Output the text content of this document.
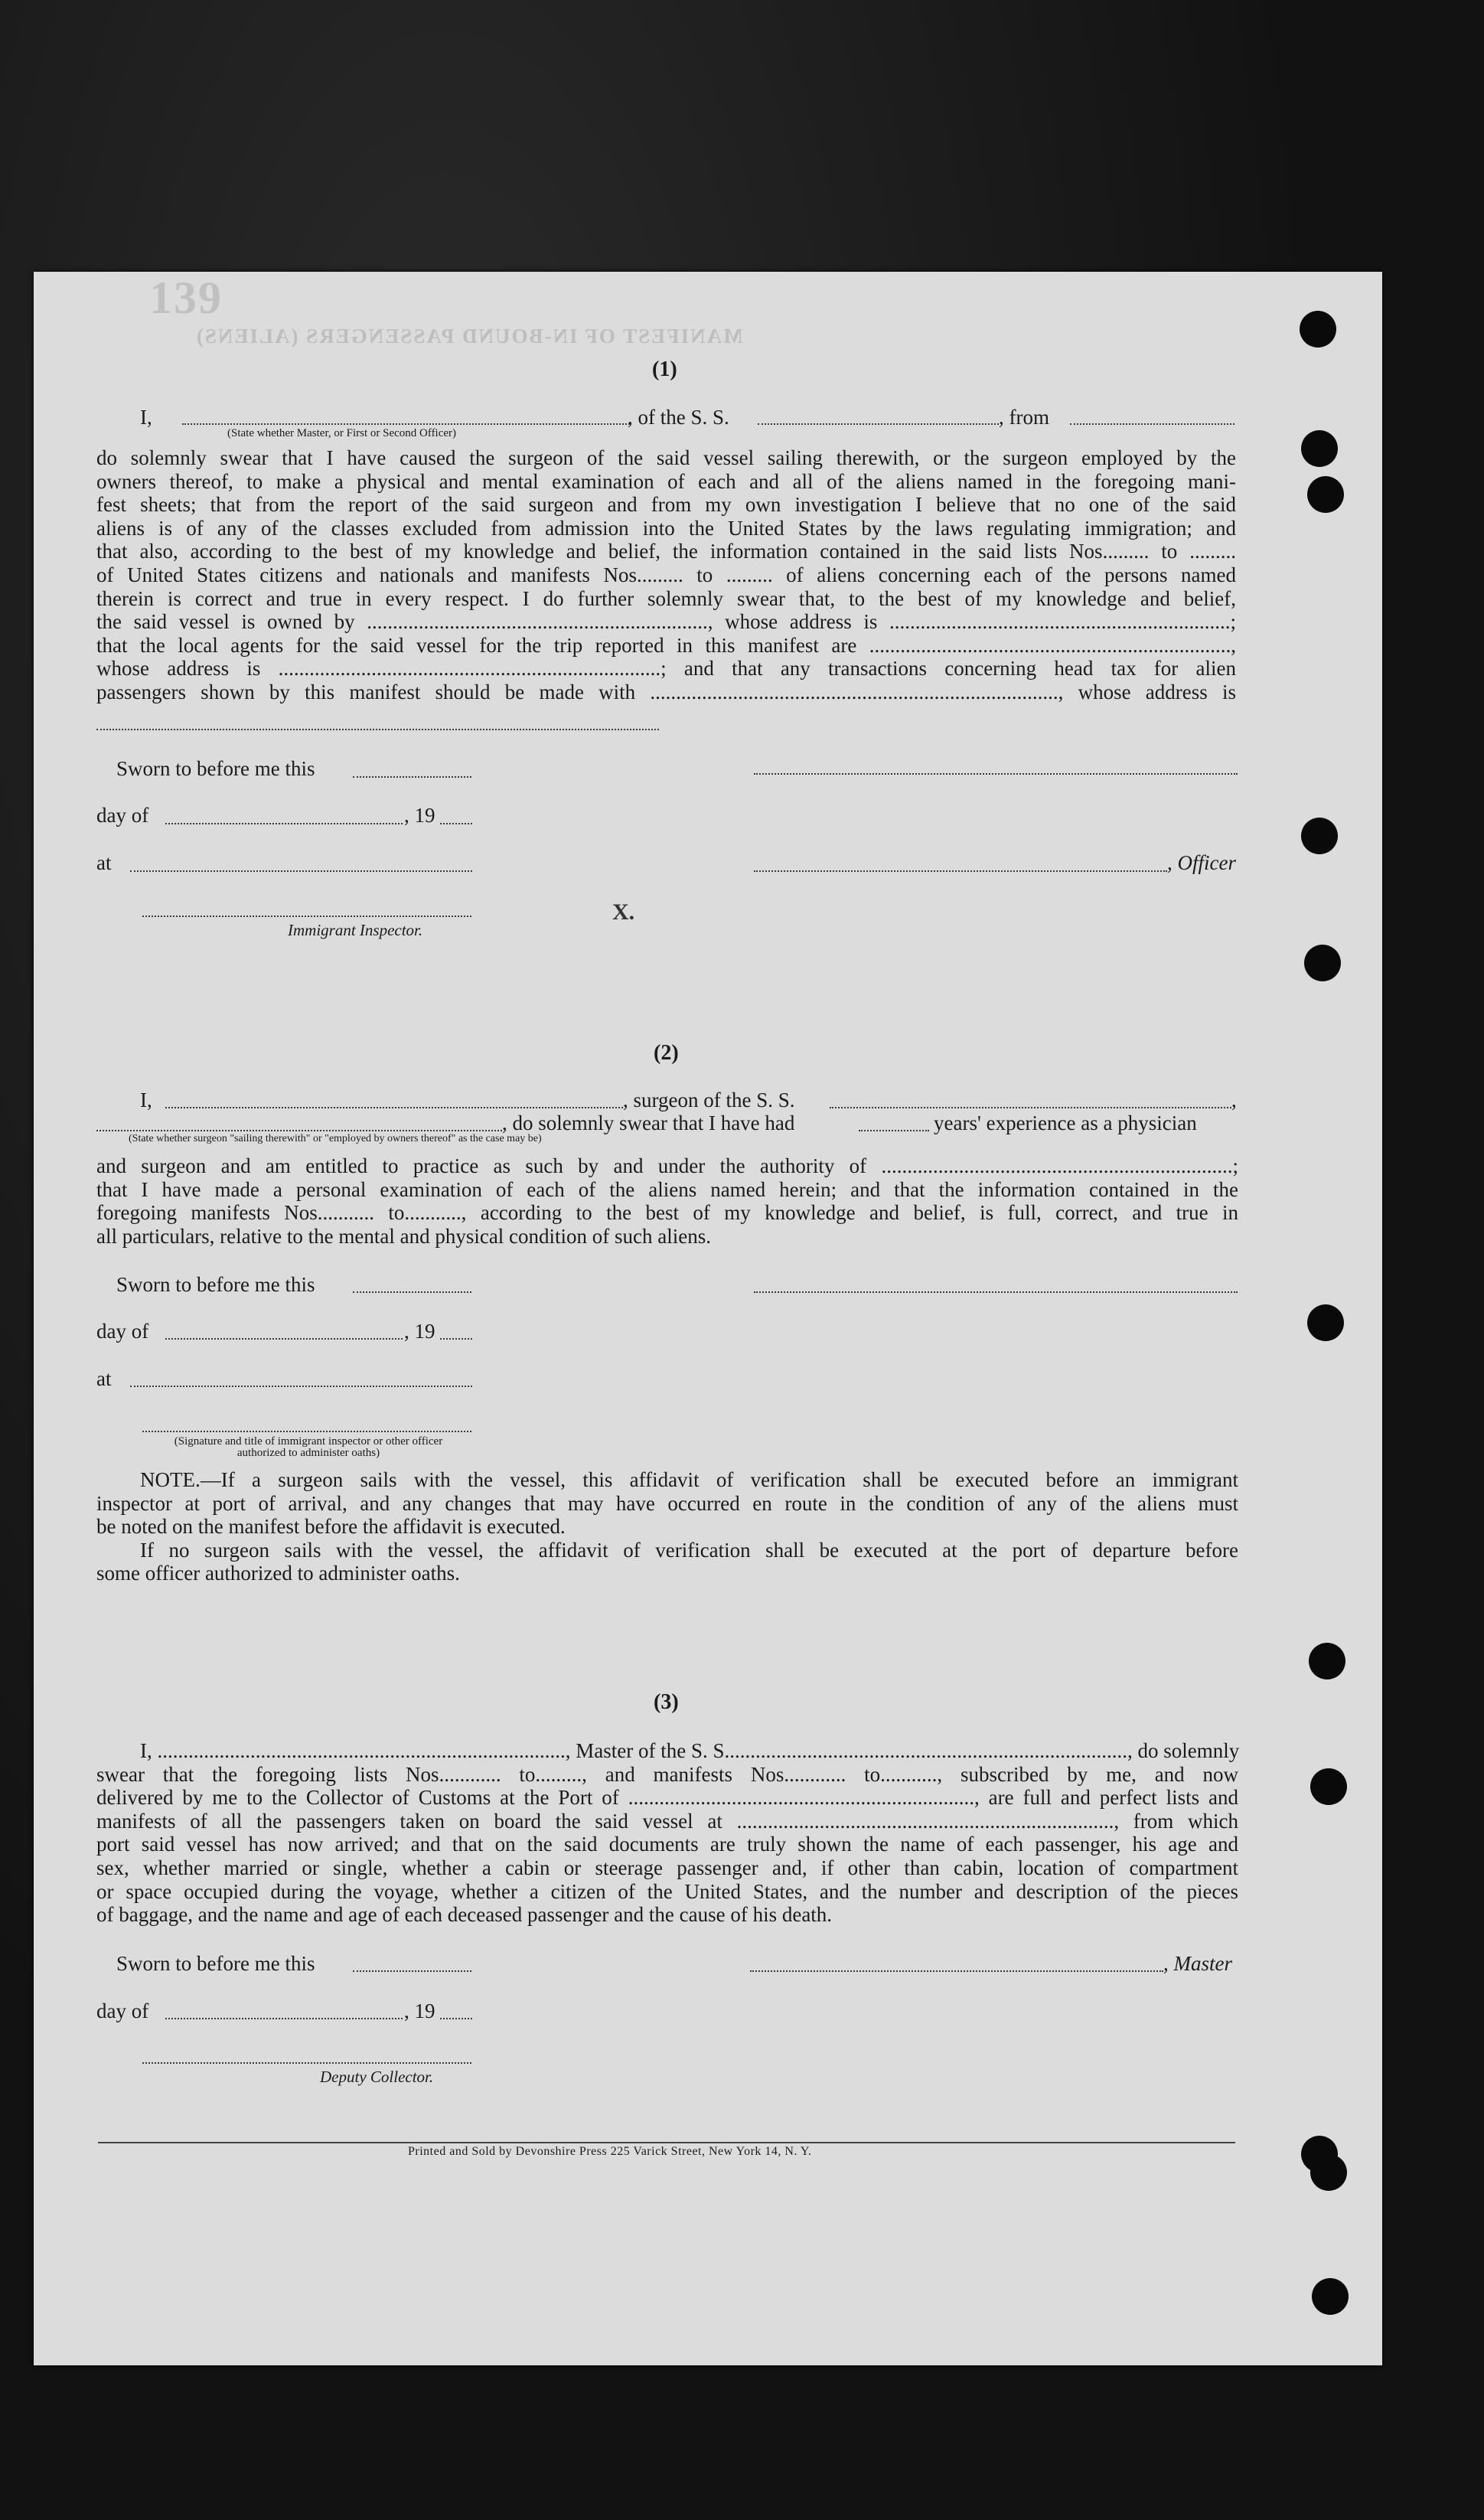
139
MANIFEST OF IN-BOUND PASSENGERS (ALIENS)
(1)
I,	, of the S. S.	, from
(State whether Master, or First or Second Officer)
do solemnly swear that I have caused the surgeon of the said vessel sailing therewith, or the surgeon employed by the
owners thereof, to make a physical and mental examination of each and all of the aliens named in the foregoing mani-
fest sheets; that from the report of the said surgeon and from my own investigation I believe that no one of the said
aliens is of any of the classes excluded from admission into the United States by the laws regulating immigration; and
that also, according to the best of my knowledge and belief, the information contained in the said lists Nos......... to .........
of United States citizens and nationals and manifests Nos......... to ......... of aliens concerning each of the persons named
therein is correct and true in every respect. I do further solemnly swear that, to the best of my knowledge and belief,
the said vessel is owned by .................................................................., whose address is ..................................................................;
that the local agents for the said vessel for the trip reported in this manifest are ......................................................................,
whose address is ..........................................................................; and that any transactions concerning head tax for alien
passengers shown by this manifest should be made with ..............................................................................., whose address is
Sworn to before me this
day of	, 19
at	, Officer
Immigrant Inspector.
X.
(2)
I,	, surgeon of the S. S.	,
, do solemnly swear that I have had	years' experience as a physician
(State whether surgeon "sailing therewith" or "employed by owners thereof" as the case may be)
and surgeon and am entitled to practice as such by and under the authority of ....................................................................;
that I have made a personal examination of each of the aliens named herein; and that the information contained in the
foregoing manifests Nos........... to..........., according to the best of my knowledge and belief, is full, correct, and true in
all particulars, relative to the mental and physical condition of such aliens.
Sworn to before me this
day of	, 19
at
(Signature and title of immigrant inspector or other officer authorized to administer oaths)
NOTE.—If a surgeon sails with the vessel, this affidavit of verification shall be executed before an immigrant
inspector at port of arrival, and any changes that may have occurred en route in the condition of any of the aliens must
be noted on the manifest before the affidavit is executed.
If no surgeon sails with the vessel, the affidavit of verification shall be executed at the port of departure before
some officer authorized to administer oaths.
(3)
I, ..............................................................................., Master of the S. S.............................................................................., do solemnly
swear that the foregoing lists Nos............ to........., and manifests Nos............ to..........., subscribed by me, and now
delivered by me to the Collector of Customs at the Port of ..................................................................., are full and perfect lists and
manifests of all the passengers taken on board the said vessel at ........................................................................., from which
port said vessel has now arrived; and that on the said documents are truly shown the name of each passenger, his age and
sex, whether married or single, whether a cabin or steerage passenger and, if other than cabin, location of compartment
or space occupied during the voyage, whether a citizen of the United States, and the number and description of the pieces
of baggage, and the name and age of each deceased passenger and the cause of his death.
Sworn to before me this	, Master
day of	, 19
Deputy Collector.
Printed and Sold by Devonshire Press 225 Varick Street, New York 14, N. Y.
